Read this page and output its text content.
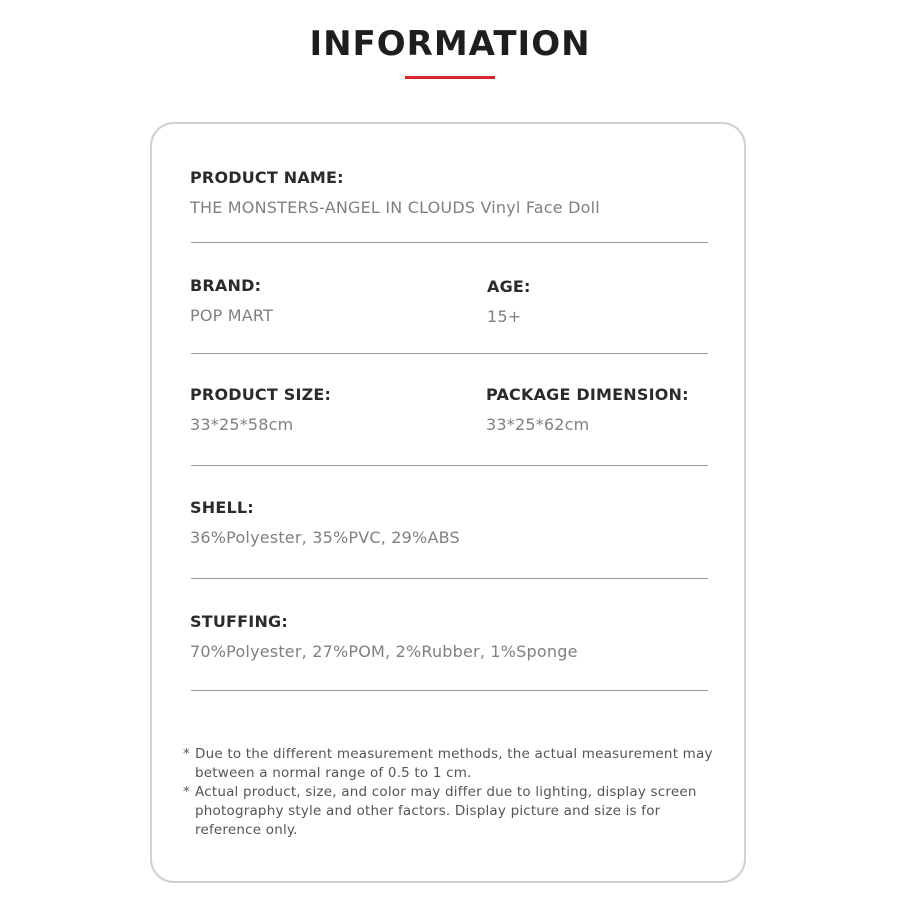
INFORMATION
PRODUCT NAME:
THE MONSTERS-ANGEL IN CLOUDS Vinyl Face Doll
BRAND:
POP MART
AGE:
15+
PRODUCT SIZE:
33*25*58cm
PACKAGE DIMENSION:
33*25*62cm
SHELL:
36%Polyester, 35%PVC, 29%ABS
STUFFING:
70%Polyester, 27%POM, 2%Rubber, 1%Sponge
* Due to the different measurement methods, the actual measurement may between a normal range of 0.5 to 1 cm.
* Actual product, size, and color may differ due to lighting, display screen photography style and other factors. Display picture and size is for reference only.
